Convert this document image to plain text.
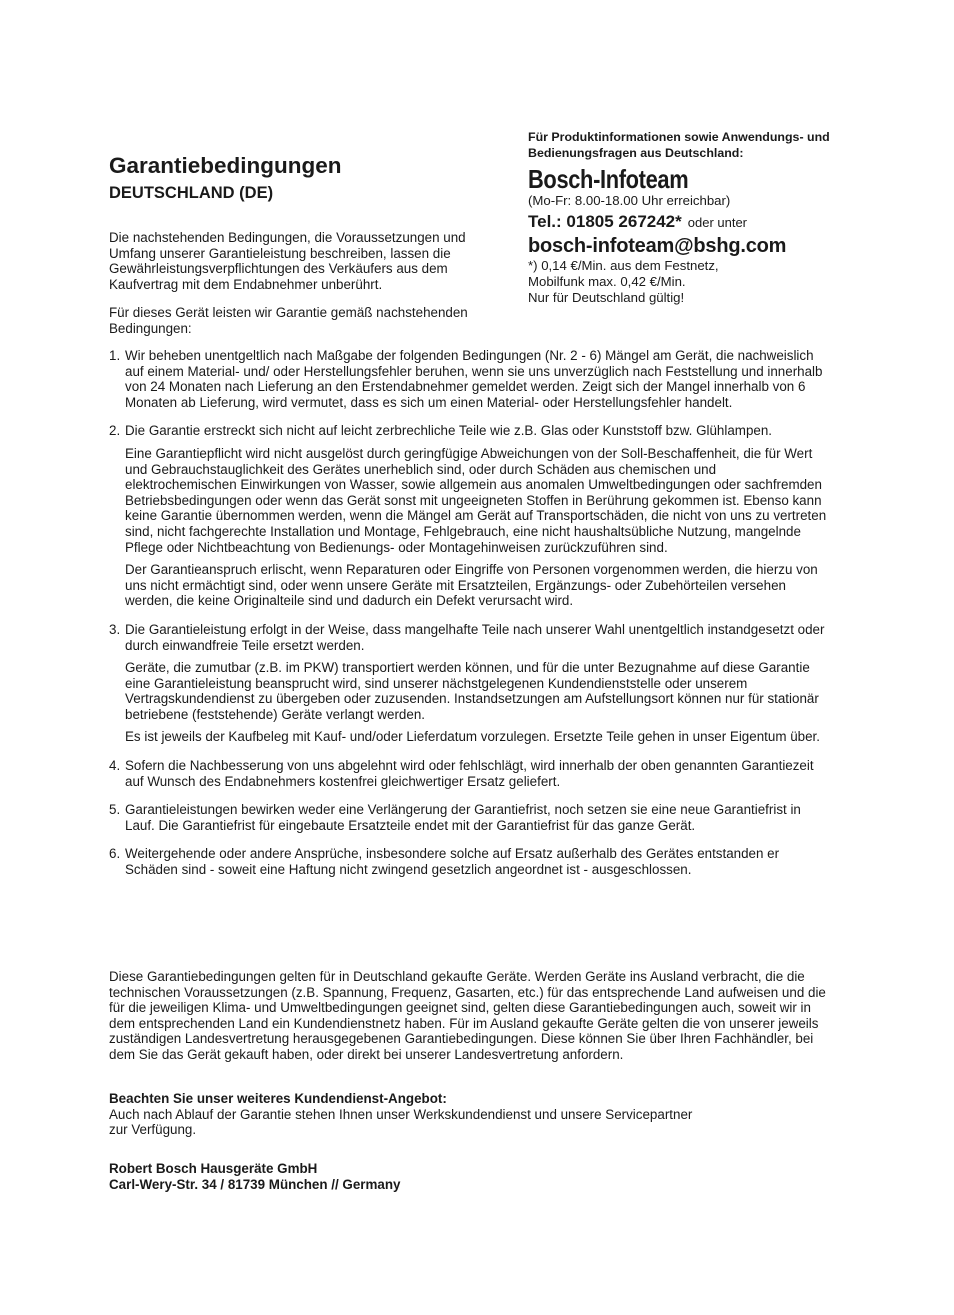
Garantiebedingungen
DEUTSCHLAND (DE)

Die nachstehenden Bedingungen, die Voraussetzungen und Umfang unserer Garantieleistung beschreiben, lassen die Gewährleistungsverpflichtungen des Verkäufers aus dem Kaufvertrag mit dem Endabnehmer unberührt.

Für dieses Gerät leisten wir Garantie gemäß nachstehenden Bedingungen:

Für Produktinformationen sowie Anwendungs- und Bedienungsfragen aus Deutschland:
Bosch-Infoteam
(Mo-Fr: 8.00-18.00 Uhr erreichbar)
Tel.: 01805 267242* oder unter
bosch-infoteam@bshg.com
*) 0,14 €/Min. aus dem Festnetz,
Mobilfunk max. 0,42 €/Min.
Nur für Deutschland gültig!
1. Wir beheben unentgeltlich nach Maßgabe der folgenden Bedingungen (Nr. 2 - 6) Mängel am Gerät, die nachweislich auf einem Material- und/ oder Herstellungsfehler beruhen, wenn sie uns unverzüglich nach Feststellung und innerhalb von 24 Monaten nach Lieferung an den Erstendabnehmer gemeldet werden. Zeigt sich der Mangel innerhalb von 6 Monaten ab Lieferung, wird vermutet, dass es sich um einen Material- oder Herstellungsfehler handelt.

2. Die Garantie erstreckt sich nicht auf leicht zerbrechliche Teile wie z.B. Glas oder Kunststoff bzw. Glühlampen.

Eine Garantiepflicht wird nicht ausgelöst durch geringfügige Abweichungen von der Soll-Beschaffenheit, die für Wert und Gebrauchstauglichkeit des Gerätes unerheblich sind, oder durch Schäden aus chemischen und elektrochemischen Einwirkungen von Wasser, sowie allgemein aus anomalen Umweltbedingungen oder sachfremden Betriebsbedingungen oder wenn das Gerät sonst mit ungeeigneten Stoffen in Berührung gekommen ist. Ebenso kann keine Garantie übernommen werden, wenn die Mängel am Gerät auf Transportschäden, die nicht von uns zu vertreten sind, nicht fachgerechte Installation und Montage, Fehlgebrauch, eine nicht haushaltsübliche Nutzung, mangelnde Pflege oder Nichtbeachtung von Bedienungs- oder Montagehinweisen zurückzuführen sind.

Der Garantieanspruch erlischt, wenn Reparaturen oder Eingriffe von Personen vorgenommen werden, die hierzu von uns nicht ermächtigt sind, oder wenn unsere Geräte mit Ersatzteilen, Ergänzungs- oder Zubehörteilen versehen werden, die keine Originalteile sind und dadurch ein Defekt verursacht wird.

3. Die Garantieleistung erfolgt in der Weise, dass mangelhafte Teile nach unserer Wahl unentgeltlich instandgesetzt oder durch einwandfreie Teile ersetzt werden.

Geräte, die zumutbar (z.B. im PKW) transportiert werden können, und für die unter Bezugnahme auf diese Garantie eine Garantieleistung beansprucht wird, sind unserer nächstgelegenen Kundendienststelle oder unserem Vertragskundendienst zu übergeben oder zuzusenden. Instandsetzungen am Aufstellungsort können nur für stationär betriebene (feststehende) Geräte verlangt werden.

Es ist jeweils der Kaufbeleg mit Kauf- und/oder Lieferdatum vorzulegen. Ersetzte Teile gehen in unser Eigentum über.

4. Sofern die Nachbesserung von uns abgelehnt wird oder fehlschlägt, wird innerhalb der oben genannten Garantiezeit auf Wunsch des Endabnehmers kostenfrei gleichwertiger Ersatz geliefert.

5. Garantieleistungen bewirken weder eine Verlängerung der Garantiefrist, noch setzen sie eine neue Garantiefrist in Lauf. Die Garantiefrist für eingebaute Ersatzteile endet mit der Garantiefrist für das ganze Gerät.

6. Weitergehende oder andere Ansprüche, insbesondere solche auf Ersatz außerhalb des Gerätes entstanden er Schäden sind - soweit eine Haftung nicht zwingend gesetzlich angeordnet ist - ausgeschlossen.

Diese Garantiebedingungen gelten für in Deutschland gekaufte Geräte. Werden Geräte ins Ausland verbracht, die die technischen Voraussetzungen (z.B. Spannung, Frequenz, Gasarten, etc.) für das entsprechende Land aufweisen und die für die jeweiligen Klima- und Umweltbedingungen geeignet sind, gelten diese Garantiebedingungen auch, soweit wir in dem entsprechenden Land ein Kundendienstnetz haben. Für im Ausland gekaufte Geräte gelten die von unserer jeweils zuständigen Landesvertretung herausgegebenen Garantiebedingungen. Diese können Sie über Ihren Fachhändler, bei dem Sie das Gerät gekauft haben, oder direkt bei unserer Landesvertretung anfordern.

Beachten Sie unser weiteres Kundendienst-Angebot:
Auch nach Ablauf der Garantie stehen Ihnen unser Werkskundendienst und unsere Servicepartner
zur Verfügung.
Robert Bosch Hausgeräte GmbH
Carl-Wery-Str. 34 / 81739 München // Germany
